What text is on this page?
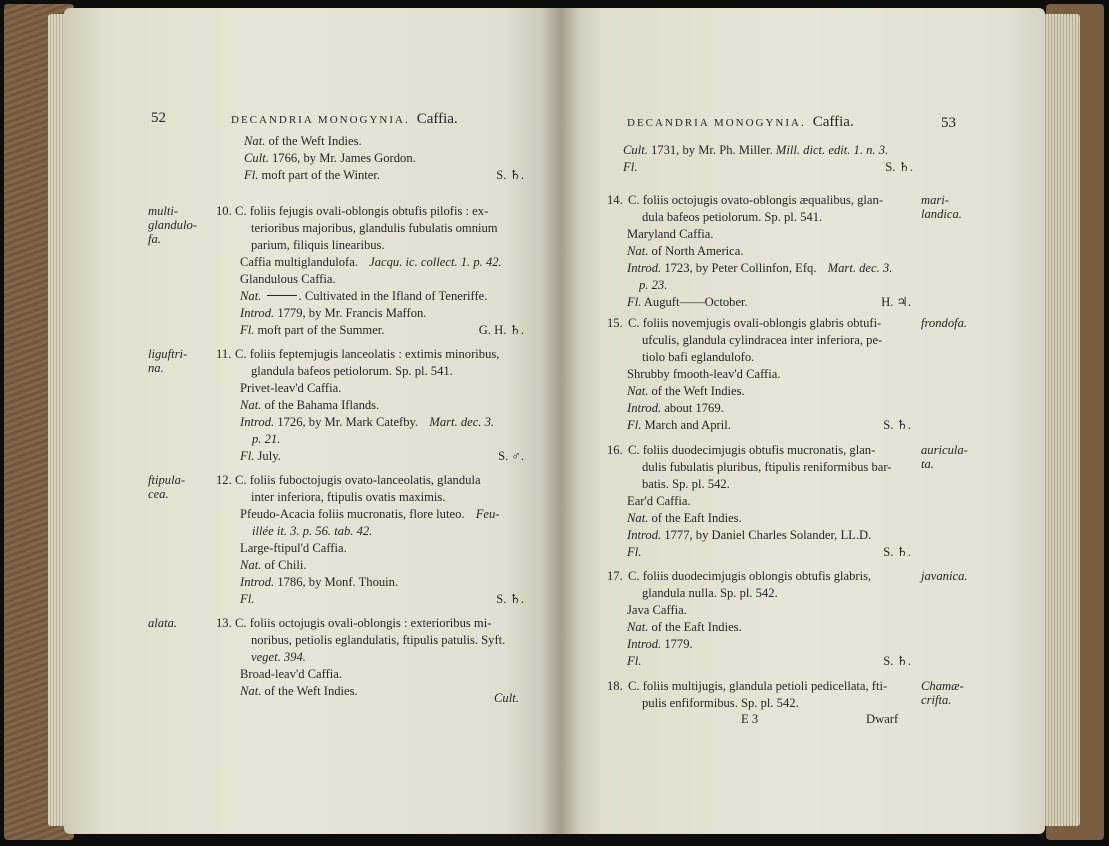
52	DECANDRIA MONOGYNIA. Caffia.
Nat. of the Weft Indies.
Cult. 1766, by Mr. James Gordon.
Fl. moft part of the Winter.	S. ♄.
multi-
glandulo-
fa.
10. C. foliis fejugis ovali-oblongis obtufis pilofis : ex-
terioribus majoribus, glandulis fubulatis omnium
parium, filiquis linearibus.
Caffia multiglandulofa. Jacqu. ic. collect. 1. p. 42.
Glandulous Caffia.
Nat.	. Cultivated in the Ifland of Teneriffe.
Introd. 1779, by Mr. Francis Maffon.
Fl. moft part of the Summer.	G. H. ♄.
liguftri-
na.
11. C. foliis feptemjugis lanceolatis : extimis minoribus,
glandula bafeos petiolorum. Sp. pl. 541.
Privet-leav'd Caffia.
Nat. of the Bahama Iflands.
Introd. 1726, by Mr. Mark Catefby. Mart. dec. 3.
p. 21.
Fl. July.	S. ♂.
ftipula-
cea.
12. C. foliis fuboctojugis ovato-lanceolatis, glandula
inter inferiora, ftipulis ovatis maximis.
Pfeudo-Acacia foliis mucronatis, flore luteo. Feu-
illée it. 3. p. 56. tab. 42.
Large-ftipul'd Caffia.
Nat. of Chili.
Introd. 1786, by Monf. Thouin.
Fl.	S. ♄.
alata.	13. C. foliis octojugis ovali-oblongis : exterioribus mi-
noribus, petiolis eglandulatis, ftipulis patulis. Syft.
veget. 394.
Broad-leav'd Caffia.
Nat. of the Weft Indies.	Cult.
DECANDRIA MONOGYNIA. Caffia.	53
Cult. 1731, by Mr. Ph. Miller. Mill. dict. edit. 1. n. 3.
Fl.	S. ♄.
14. C. foliis octojugis ovato-oblongis æqualibus, glan-
dula bafeos petiolorum. Sp. pl. 541.
mari-
landica.
Maryland Caffia.
Nat. of North America.
Introd. 1723, by Peter Collinfon, Efq. Mart. dec. 3.
p. 23.
Fl. Auguft——October.	H. ♃.
15. C. foliis novemjugis ovali-oblongis glabris obtufi-
ufculis, glandula cylindracea inter inferiora, pe-
tiolo bafi eglandulofo.
frondofa.
Shrubby fmooth-leav'd Caffia.
Nat. of the Weft Indies.
Introd. about 1769.
Fl. March and April.	S. ♄.
16. C. foliis duodecimjugis obtufis mucronatis, glan-
dulis fubulatis pluribus, ftipulis reniformibus bar-
batis. Sp. pl. 542.
auricula-
ta.
Ear'd Caffia.
Nat. of the Eaft Indies.
Introd. 1777, by Daniel Charles Solander, LL.D.
Fl.	S. ♄.
17. C. foliis duodecimjugis oblongis obtufis glabris,
glandula nulla. Sp. pl. 542.
javanica.
Java Caffia.
Nat. of the Eaft Indies.
Introd. 1779.
Fl.	S. ♄.
18. C. foliis multijugis, glandula petioli pedicellata, fti-
pulis enfiformibus. Sp. pl. 542.
Chamæ-
crifta.
E 3	Dwarf
